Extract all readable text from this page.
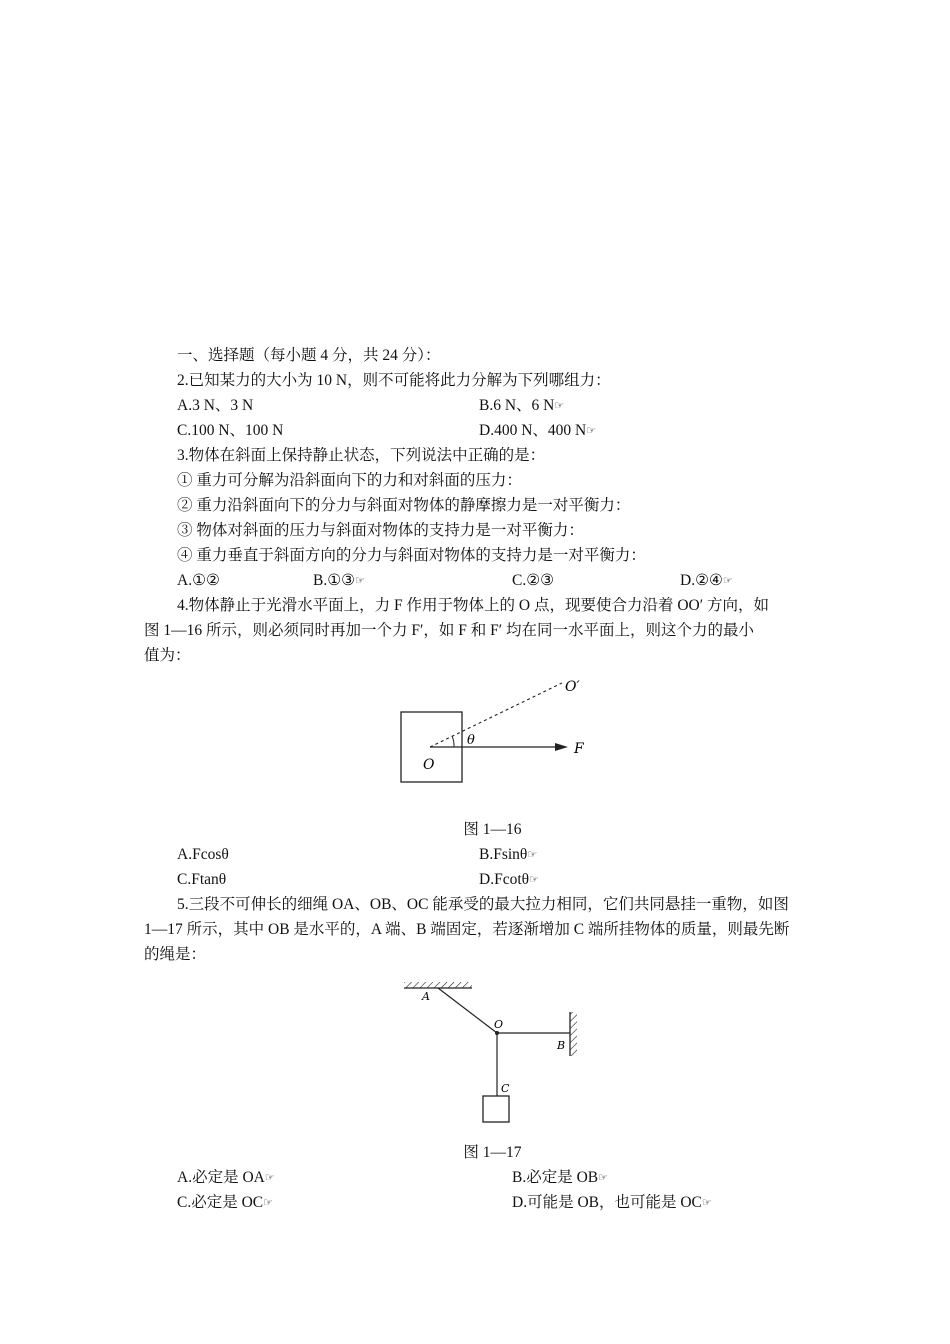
一、选择题（每小题 4 分，共 24 分）：
2.已知某力的大小为 10 N，则不可能将此力分解为下列哪组力：
A.3 N、3 N	B.6 N、6 N☞
C.100 N、100 N	D.400 N、400 N☞
3.物体在斜面上保持静止状态，下列说法中正确的是：
① 重力可分解为沿斜面向下的力和对斜面的压力：
② 重力沿斜面向下的分力与斜面对物体的静摩擦力是一对平衡力：
③ 物体对斜面的压力与斜面对物体的支持力是一对平衡力：
④ 重力垂直于斜面方向的分力与斜面对物体的支持力是一对平衡力：
A.①②	B.①③☞	C.②③	D.②④☞
4.物体静止于光滑水平面上，力 F 作用于物体上的 O 点，现要使合力沿着 OO′ 方向，如
图 1—16 所示，则必须同时再加一个力 F′，如 F 和 F′ 均在同一水平面上，则这个力的最小
值为：
O′
θ
F
O
图 1—16
A.Fcosθ	B.Fsinθ☞
C.Ftanθ	D.Fcotθ☞
5.三段不可伸长的细绳 OA、OB、OC 能承受的最大拉力相同，它们共同悬挂一重物，如图
1—17 所示，其中 OB 是水平的，A 端、B 端固定，若逐渐增加 C 端所挂物体的质量，则最先断
的绳是：
A
O
B
C
图 1—17
A.必定是 OA☞	B.必定是 OB☞
C.必定是 OC☞	D.可能是 OB，也可能是 OC☞
